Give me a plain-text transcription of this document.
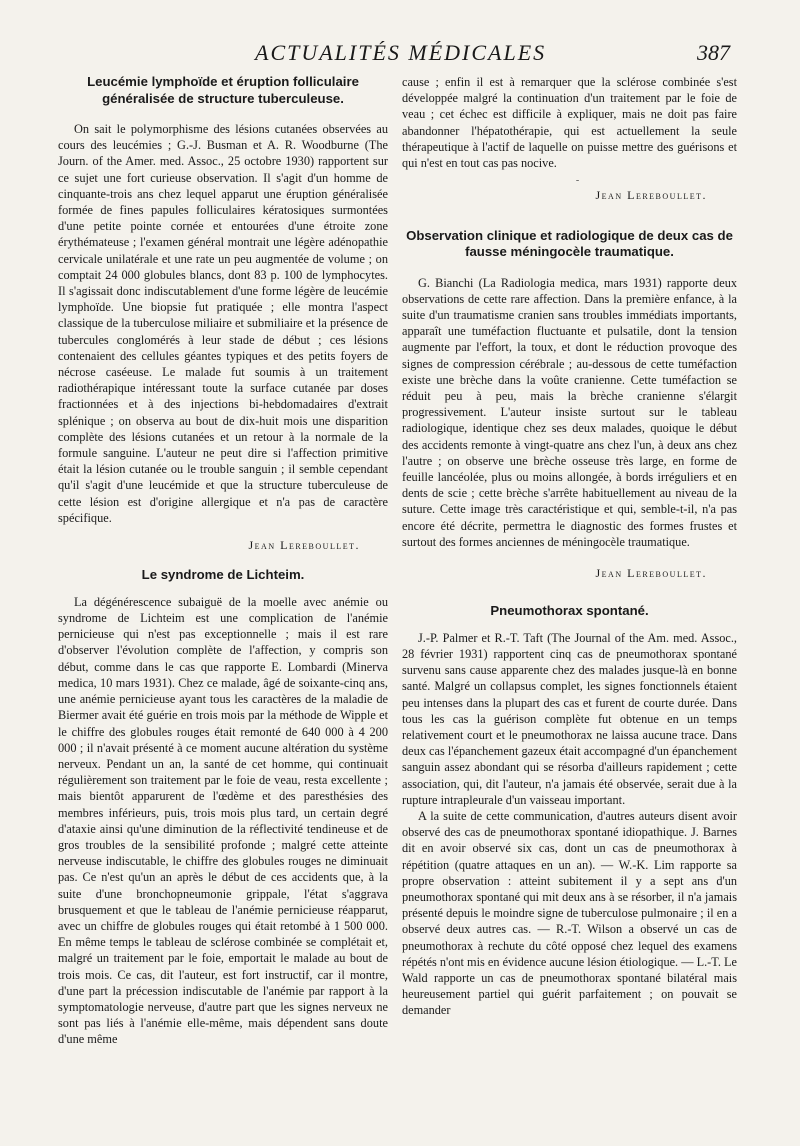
ACTUALITÉS MÉDICALES	387
Leucémie lymphoïde et éruption folliculaire généralisée de structure tuberculeuse.

On sait le polymorphisme des lésions cutanées observées au cours des leucémies ; G.-J. Busman et A. R. Woodburne (The Journ. of the Amer. med. Assoc., 25 octobre 1930) rapportent sur ce sujet une fort curieuse observation. Il s'agit d'un homme de cinquante-trois ans chez lequel apparut une éruption généralisée formée de fines papules folliculaires kératosiques surmontées d'une petite pointe cornée et entourées d'une étroite zone érythémateuse ; l'examen général montrait une légère adénopathie cervicale unilatérale et une rate un peu augmentée de volume ; on comptait 24 000 globules blancs, dont 83 p. 100 de lymphocytes. Il s'agissait donc indiscutablement d'une forme légère de leucémie lymphoïde. Une biopsie fut pratiquée ; elle montra l'aspect classique de la tuberculose miliaire et submiliaire et la présence de tubercules conglomérés à leur stade de début ; ces lésions contenaient des cellules géantes typiques et des petits foyers de nécrose caséeuse. Le malade fut soumis à un traitement radiothérapique intéressant toute la surface cutanée par doses fractionnées et à des injections bi-hebdomadaires d'extrait splénique ; on observa au bout de dix-huit mois une disparition complète des lésions cutanées et un retour à la normale de la formule sanguine. L'auteur ne peut dire si l'affection primitive était la lésion cutanée ou le trouble sanguin ; il semble cependant qu'il s'agit d'une leucémide et que la structure tuberculeuse de cette lésion est d'origine allergique et n'a pas de caractère spécifique.

Jean Lereboullet.

Le syndrome de Lichteim.

La dégénérescence subaiguë de la moelle avec anémie ou syndrome de Lichteim est une complication de l'anémie pernicieuse qui n'est pas exceptionnelle ; mais il est rare d'observer l'évolution complète de l'affection, y compris son début, comme dans le cas que rapporte E. Lombardi (Minerva medica, 10 mars 1931). Chez ce malade, âgé de soixante-cinq ans, une anémie pernicieuse ayant tous les caractères de la maladie de Biermer avait été guérie en trois mois par la méthode de Wipple et le chiffre des globules rouges était remonté de 640 000 à 4 200 000 ; il n'avait présenté à ce moment aucune altération du système nerveux. Pendant un an, la santé de cet homme, qui continuait régulièrement son traitement par le foie de veau, resta excellente ; mais bientôt apparurent de l'œdème et des paresthésies des membres inférieurs, puis, trois mois plus tard, un certain degré d'ataxie ainsi qu'une diminution de la réflectivité tendineuse et de gros troubles de la sensibilité profonde ; malgré cette atteinte nerveuse indiscutable, le chiffre des globules rouges ne diminuait pas. Ce n'est qu'un an après le début de ces accidents que, à la suite d'une bronchopneumonie grippale, l'état s'aggrava brusquement et que le tableau de l'anémie pernicieuse réapparut, avec un chiffre de globules rouges qui était retombé à 1 500 000. En même temps le tableau de sclérose combinée se complétait et, malgré un traitement par le foie, emportait le malade au bout de trois mois. Ce cas, dit l'auteur, est fort instructif, car il montre, d'une part la précession indiscutable de l'anémie par rapport à la symptomatologie nerveuse, d'autre part que les signes nerveux ne sont pas liés à l'anémie elle-même, mais dépendent sans doute d'une même

cause ; enfin il est à remarquer que la sclérose combinée s'est développée malgré la continuation d'un traitement par le foie de veau ; cet échec est difficile à expliquer, mais ne doit pas faire abandonner l'hépatothérapie, qui est actuellement la seule thérapeutique à l'actif de laquelle on puisse mettre des guérisons et qui n'est en tout cas pas nocive.

-

Jean Lereboullet.

Observation clinique et radiologique de deux cas de fausse méningocèle traumatique.

G. Bianchi (La Radiologia medica, mars 1931) rapporte deux observations de cette rare affection. Dans la première enfance, à la suite d'un traumatisme cranien sans troubles immédiats importants, apparaît une tuméfaction fluctuante et pulsatile, dont la tension augmente par l'effort, la toux, et dont le réduction provoque des signes de compression cérébrale ; au-dessous de cette tuméfaction existe une brèche dans la voûte cranienne. Cette tuméfaction se réduit peu à peu, mais la brèche cranienne s'élargit progressivement. L'auteur insiste surtout sur le tableau radiologique, identique chez ses deux malades, quoique le début des accidents remonte à vingt-quatre ans chez l'un, à deux ans chez l'autre ; on observe une brèche osseuse très large, en forme de feuille lancéolée, plus ou moins allongée, à bords irréguliers et en dents de scie ; cette brèche s'arrête habituellement au niveau de la suture. Cette image très caractéristique et qui, semble-t-il, n'a pas encore été décrite, permettra le diagnostic des formes frustes et surtout des formes anciennes de méningocèle traumatique.

Jean Lereboullet.

Pneumothorax spontané.

J.-P. Palmer et R.-T. Taft (The Journal of the Am. med. Assoc., 28 février 1931) rapportent cinq cas de pneumothorax spontané survenu sans cause apparente chez des malades jusque-là en bonne santé. Malgré un collapsus complet, les signes fonctionnels étaient peu intenses dans la plupart des cas et furent de courte durée. Dans tous les cas la guérison complète fut obtenue en un temps relativement court et le pneumothorax ne laissa aucune trace. Dans deux cas l'épanchement gazeux était accompagné d'un épanchement sanguin assez abondant qui se résorba d'ailleurs rapidement ; cette association, qui, dit l'auteur, n'a jamais été observée, serait due à la rupture intrapleurale d'un vaisseau important.

A la suite de cette communication, d'autres auteurs disent avoir observé des cas de pneumothorax spontané idiopathique. J. Barnes dit en avoir observé six cas, dont un cas de pneumothorax à répétition (quatre attaques en un an). — W.-K. Lim rapporte sa propre observation : atteint subitement il y a sept ans d'un pneumothorax spontané qui mit deux ans à se résorber, il n'a jamais présenté depuis le moindre signe de tuberculose pulmonaire ; il en a observé deux autres cas. — R.-T. Wilson a observé un cas de pneumothorax à rechute du côté opposé chez lequel des examens répétés n'ont mis en évidence aucune lésion étiologique. — L.-T. Le Wald rapporte un cas de pneumothorax spontané bilatéral mais heureusement partiel qui guérit parfaitement ; on pouvait se demander
